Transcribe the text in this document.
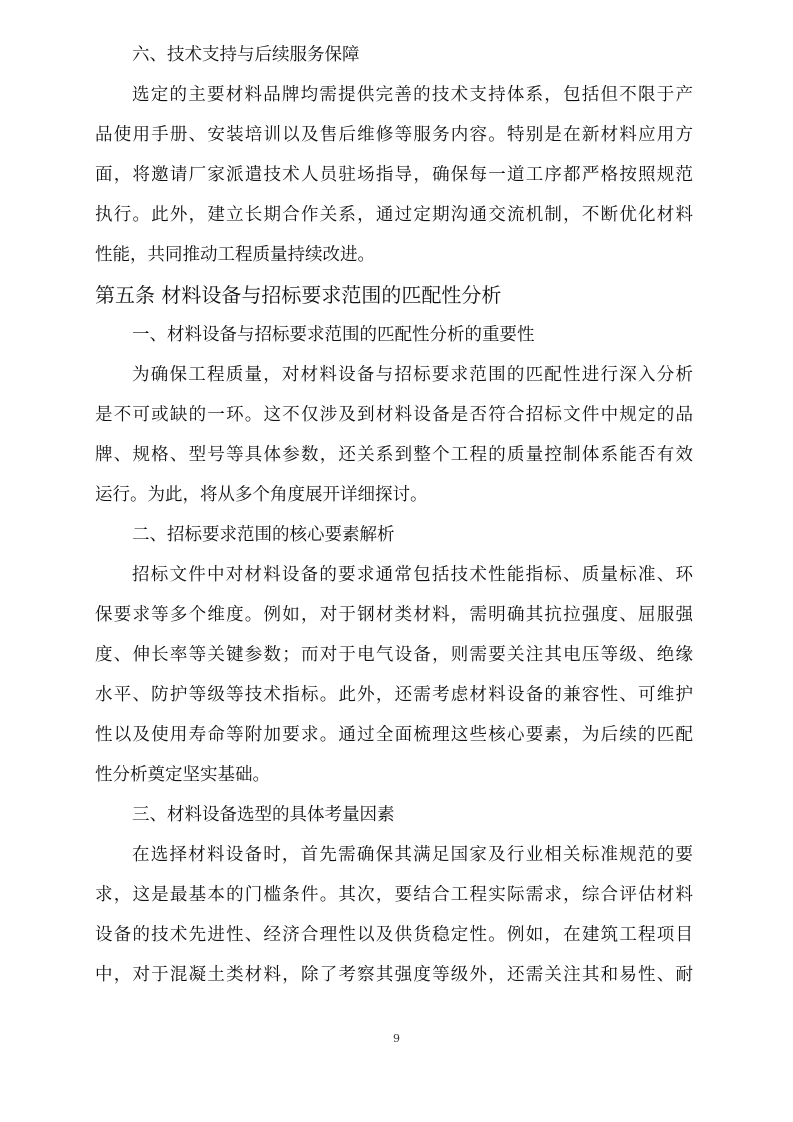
六、技术支持与后续服务保障
选定的主要材料品牌均需提供完善的技术支持体系，包括但不限于产
品使用手册、安装培训以及售后维修等服务内容。特别是在新材料应用方
面，将邀请厂家派遣技术人员驻场指导，确保每一道工序都严格按照规范
执行。此外，建立长期合作关系，通过定期沟通交流机制，不断优化材料
性能，共同推动工程质量持续改进。
第五条 材料设备与招标要求范围的匹配性分析
一、材料设备与招标要求范围的匹配性分析的重要性
为确保工程质量，对材料设备与招标要求范围的匹配性进行深入分析
是不可或缺的一环。这不仅涉及到材料设备是否符合招标文件中规定的品
牌、规格、型号等具体参数，还关系到整个工程的质量控制体系能否有效
运行。为此，将从多个角度展开详细探讨。
二、招标要求范围的核心要素解析
招标文件中对材料设备的要求通常包括技术性能指标、质量标准、环
保要求等多个维度。例如，对于钢材类材料，需明确其抗拉强度、屈服强
度、伸长率等关键参数；而对于电气设备，则需要关注其电压等级、绝缘
水平、防护等级等技术指标。此外，还需考虑材料设备的兼容性、可维护
性以及使用寿命等附加要求。通过全面梳理这些核心要素，为后续的匹配
性分析奠定坚实基础。
三、材料设备选型的具体考量因素
在选择材料设备时，首先需确保其满足国家及行业相关标准规范的要
求，这是最基本的门槛条件。其次，要结合工程实际需求，综合评估材料
设备的技术先进性、经济合理性以及供货稳定性。例如，在建筑工程项目
中，对于混凝土类材料，除了考察其强度等级外，还需关注其和易性、耐
9
